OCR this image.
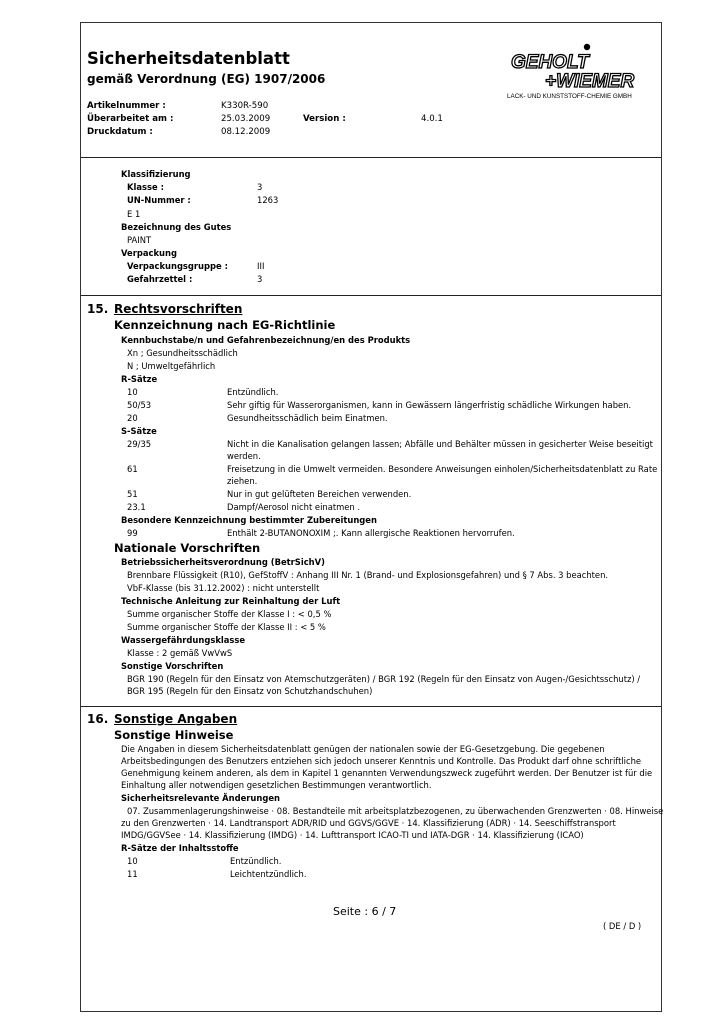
Sicherheitsdatenblatt
gemäß Verordnung (EG) 1907/2006
Artikelnummer :	K330R-590
Überarbeitet am :	25.03.2009	Version :	4.0.1
Druckdatum :	08.12.2009
GEHOLT
+WIEMER
LACK- UND KUNSTSTOFF-CHEMIE GMBH
Klassifizierung
Klasse :	3
UN-Nummer :	1263
E 1
Bezeichnung des Gutes
PAINT
Verpackung
Verpackungsgruppe :	III
Gefahrzettel :	3
15. Rechtsvorschriften
Kennzeichnung nach EG-Richtlinie
Kennbuchstabe/n und Gefahrenbezeichnung/en des Produkts
Xn ; Gesundheitsschädlich
N ; Umweltgefährlich
R-Sätze
10	Entzündlich.
50/53	Sehr giftig für Wasserorganismen, kann in Gewässern längerfristig schädliche Wirkungen haben.
20	Gesundheitsschädlich beim Einatmen.
S-Sätze
29/35	Nicht in die Kanalisation gelangen lassen; Abfälle und Behälter müssen in gesicherter Weise beseitigt
werden.
61	Freisetzung in die Umwelt vermeiden. Besondere Anweisungen einholen/Sicherheitsdatenblatt zu Rate
ziehen.
51	Nur in gut gelüfteten Bereichen verwenden.
23.1	Dampf/Aerosol nicht einatmen .
Besondere Kennzeichnung bestimmter Zubereitungen
99	Enthält 2-BUTANONOXIM ;. Kann allergische Reaktionen hervorrufen.
Nationale Vorschriften
Betriebssicherheitsverordnung (BetrSichV)
Brennbare Flüssigkeit (R10), GefStoffV : Anhang III Nr. 1 (Brand- und Explosionsgefahren) und § 7 Abs. 3 beachten.
VbF-Klasse (bis 31.12.2002) : nicht unterstellt
Technische Anleitung zur Reinhaltung der Luft
Summe organischer Stoffe der Klasse I : < 0,5 %
Summe organischer Stoffe der Klasse II : < 5 %
Wassergefährdungsklasse
Klasse : 2 gemäß VwVwS
Sonstige Vorschriften
BGR 190 (Regeln für den Einsatz von Atemschutzgeräten) / BGR 192 (Regeln für den Einsatz von Augen-/Gesichtsschutz) /
BGR 195 (Regeln für den Einsatz von Schutzhandschuhen)
16. Sonstige Angaben
Sonstige Hinweise
Die Angaben in diesem Sicherheitsdatenblatt genügen der nationalen sowie der EG-Gesetzgebung. Die gegebenen
Arbeitsbedingungen des Benutzers entziehen sich jedoch unserer Kenntnis und Kontrolle. Das Produkt darf ohne schriftliche
Genehmigung keinem anderen, als dem in Kapitel 1 genannten Verwendungszweck zugeführt werden. Der Benutzer ist für die
Einhaltung aller notwendigen gesetzlichen Bestimmungen verantwortlich.
Sicherheitsrelevante Änderungen
07. Zusammenlagerungshinweise · 08. Bestandteile mit arbeitsplatzbezogenen, zu überwachenden Grenzwerten · 08. Hinweise
zu den Grenzwerten · 14. Landtransport ADR/RID und GGVS/GGVE · 14. Klassifizierung (ADR) · 14. Seeschiffstransport
IMDG/GGVSee · 14. Klassifizierung (IMDG) · 14. Lufttransport ICAO-TI und IATA-DGR · 14. Klassifizierung (ICAO)
R-Sätze der Inhaltsstoffe
10	Entzündlich.
11	Leichtentzündlich.
Seite : 6 / 7
( DE / D )
